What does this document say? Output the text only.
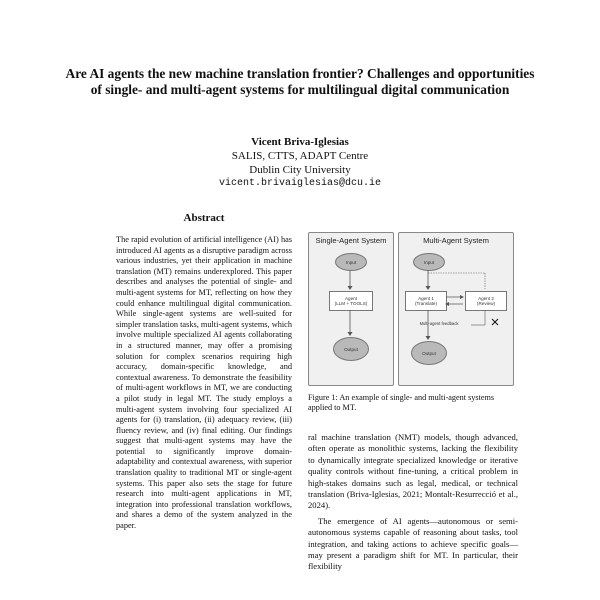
Are AI agents the new machine translation frontier? Challenges and opportunities of single- and multi-agent systems for multilingual digital communication
Vicent Briva-Iglesias
SALIS, CTTS, ADAPT Centre
Dublin City University
vicent.brivaiglesias@dcu.ie
Abstract

The rapid evolution of artificial intelligence (AI) has introduced AI agents as a disruptive paradigm across various industries, yet their application in machine translation (MT) remains underexplored. This paper describes and analyses the potential of single- and multi-agent systems for MT, reflecting on how they could enhance multilingual digital communication. While single-agent systems are well-suited for simpler translation tasks, multi-agent systems, which involve multiple specialized AI agents collaborating in a structured manner, may offer a promising solution for complex scenarios requiring high accuracy, domain-specific knowledge, and contextual awareness. To demonstrate the feasibility of multi-agent workflows in MT, we are conducting a pilot study in legal MT. The study employs a multi-agent system involving four specialized AI agents for (i) translation, (ii) adequacy review, (iii) fluency review, and (iv) final editing. Our findings suggest that multi-agent systems may have the potential to significantly improve domain-adaptability and contextual awareness, with superior translation quality to traditional MT or single-agent systems. This paper also sets the stage for future research into multi-agent applications in MT, integration into professional translation workflows, and shares a demo of the system analyzed in the paper.

Single-Agent System
Input
Agent
(LLM + TOOLS)
Output
Multi-Agent System
Input
Agent 1
(Translate)
Agent 2
(Review)
Multi-agent feedback
Output
Figure 1: An example of single- and multi-agent systems applied to MT.

ral machine translation (NMT) models, though advanced, often operate as monolithic systems, lacking the flexibility to dynamically integrate specialized knowledge or iterative quality controls without fine-tuning, a critical problem in high-stakes domains such as legal, medical, or technical translation (Briva-Iglesias, 2021; Montalt-Resurrecció et al., 2024).

The emergence of AI agents—autonomous or semi-autonomous systems capable of reasoning about tasks, tool integration, and taking actions to achieve specific goals—may present a paradigm shift for MT. In particular, their flexibility
